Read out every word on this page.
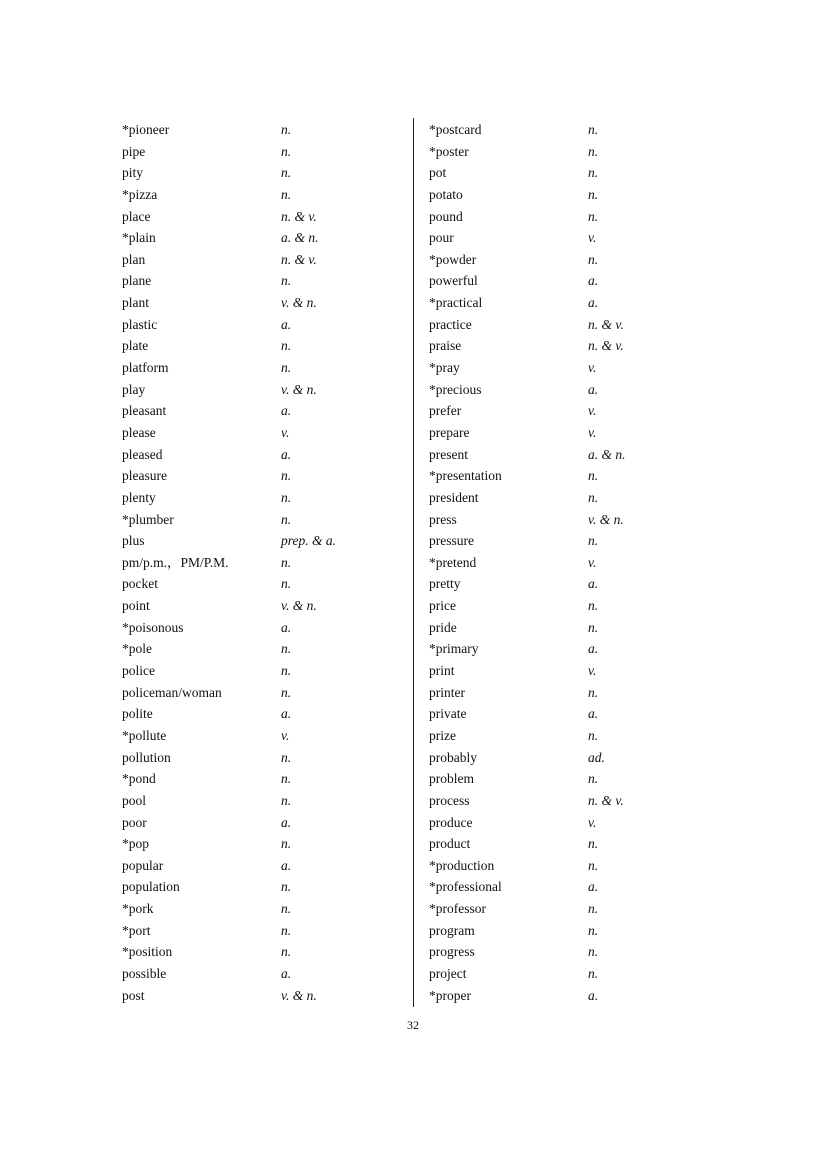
*pioneer	n.
pipe	n.
pity	n.
*pizza	n.
place	n. & v.
*plain	a. & n.
plan	n. & v.
plane	n.
plant	v. & n.
plastic	a.
plate	n.
platform	n.
play	v. & n.
pleasant	a.
please	v.
pleased	a.
pleasure	n.
plenty	n.
*plumber	n.
plus	prep. & a.
pm/p.m.，PM/P.M.	n.
pocket	n.
point	v. & n.
*poisonous	a.
*pole	n.
police	n.
policeman/woman	n.
polite	a.
*pollute	v.
pollution	n.
*pond	n.
pool	n.
poor	a.
*pop	n.
popular	a.
population	n.
*pork	n.
*port	n.
*position	n.
possible	a.
post	v. & n.
*postcard	n.
*poster	n.
pot	n.
potato	n.
pound	n.
pour	v.
*powder	n.
powerful	a.
*practical	a.
practice	n. & v.
praise	n. & v.
*pray	v.
*precious	a.
prefer	v.
prepare	v.
present	a. & n.
*presentation	n.
president	n.
press	v. & n.
pressure	n.
*pretend	v.
pretty	a.
price	n.
pride	n.
*primary	a.
print	v.
printer	n.
private	a.
prize	n.
probably	ad.
problem	n.
process	n. & v.
produce	v.
product	n.
*production	n.
*professional	a.
*professor	n.
program	n.
progress	n.
project	n.
*proper	a.
32
